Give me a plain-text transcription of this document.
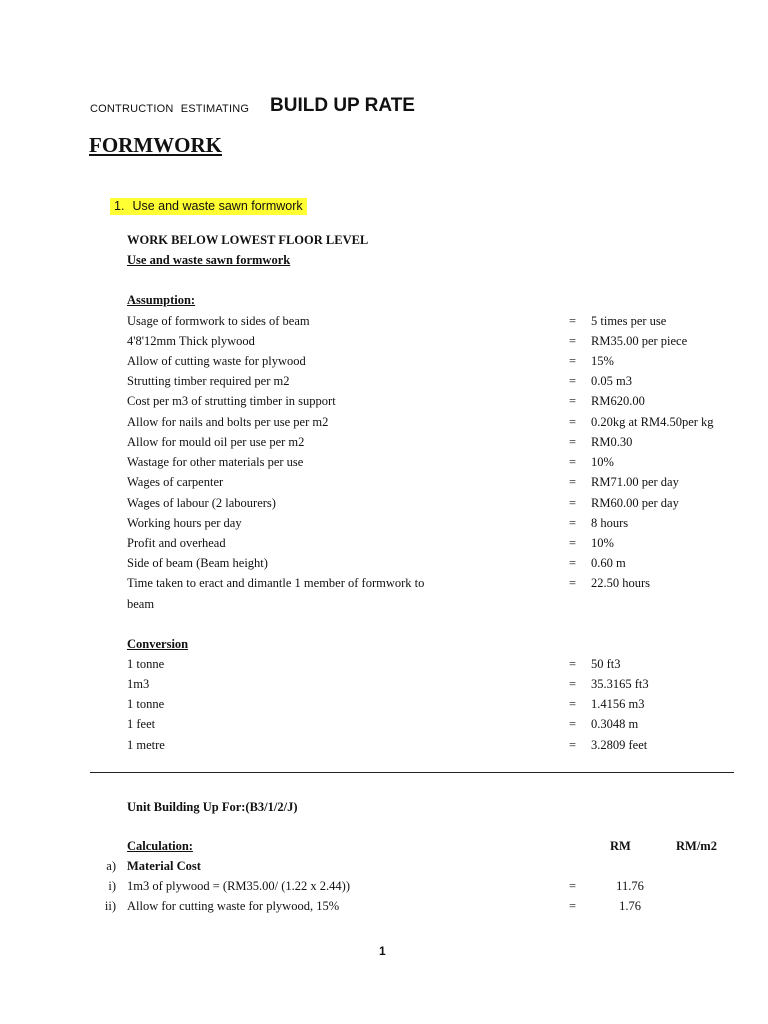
CONTRUCTION ESTIMATING BUILD UP RATE
FORMWORK
1. Use and waste sawn formwork
WORK BELOW LOWEST FLOOR LEVEL
Use and waste sawn formwork
Assumption:
Usage of formwork to sides of beam	= 5 times per use
4'8'12mm Thick plywood	= RM35.00 per piece
Allow of cutting waste for plywood	= 15%
Strutting timber required per m2	= 0.05 m3
Cost per m3 of strutting timber in support	= RM620.00
Allow for nails and bolts per use per m2	= 0.20kg at RM4.50per kg
Allow for mould oil per use per m2	= RM0.30
Wastage for other materials per use	= 10%
Wages of carpenter	= RM71.00 per day
Wages of labour (2 labourers)	= RM60.00 per day
Working hours per day	= 8 hours
Profit and overhead	= 10%
Side of beam (Beam height)	= 0.60 m
Time taken to eract and dimantle 1 member of formwork to	= 22.50 hours
beam
Conversion
1 tonne	= 50 ft3
1m3	= 35.3165 ft3
1 tonne	= 1.4156 m3
1 feet	= 0.3048 m
1 metre	= 3.2809 feet
Unit Building Up For:(B3/1/2/J)
Calculation:	RM	RM/m2
a) Material Cost
i) 1m3 of plywood = (RM35.00/ (1.22 x 2.44))	=	11.76
ii) Allow for cutting waste for plywood, 15%	=	1.76
1
